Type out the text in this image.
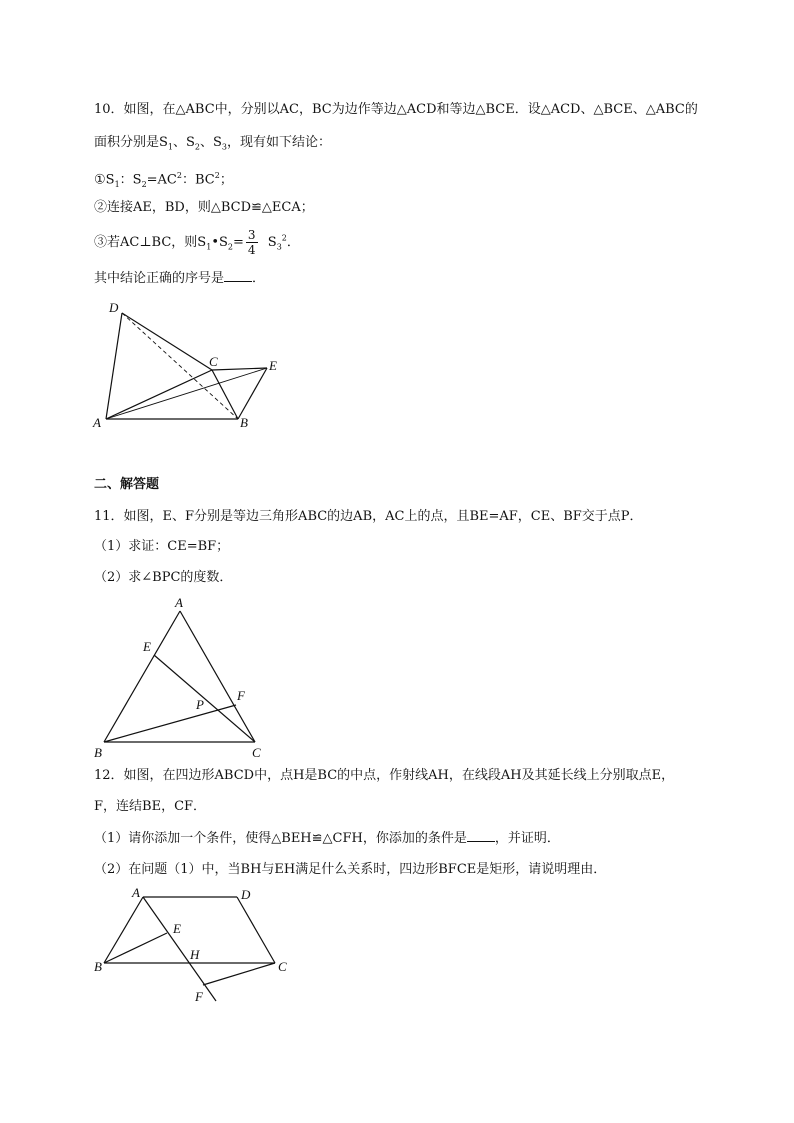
10．如图，在△ABC中，分别以AC，BC为边作等边△ACD和等边△BCE．设△ACD、△BCE、△ABC的
面积分别是$S_1$、$S_2$、$S_3$，现有如下结论：
$①S_1$：$S_2=AC^2$：$BC^2$；
②连接AE，BD，则△BCD≌△ECA；
③若AC⊥BC，则$S_1•S_2= \frac{3}{4} S_3^2$．
其中结论正确的序号是 ．
D
C	E
A	B
二、解答题
11．如图，E、F分别是等边三角形ABC的边AB，AC上的点，且BE=AF，CE、BF交于点P．
（1）求证：CE=BF；
（2）求∠BPC的度数．
A
E
F
P
B	C
12．如图，在四边形ABCD中，点H是BC的中点，作射线AH，在线段AH及其延长线上分别取点E，
F，连结BE，CF．
（1）请你添加一个条件，使得△BEH≌△CFH，你添加的条件是 ，并证明．
（2）在问题（1）中，当BH与EH满足什么关系时，四边形BFCE是矩形，请说明理由．
A	D
E
H
B	C
F
